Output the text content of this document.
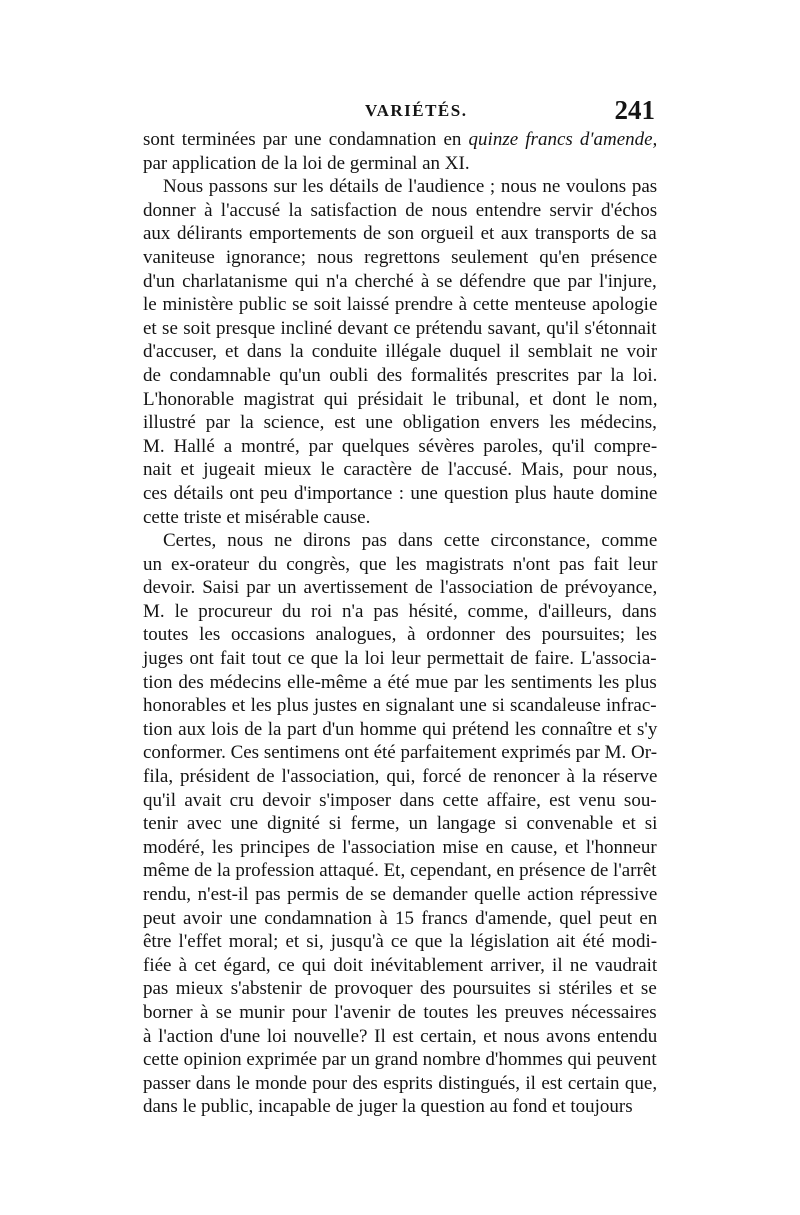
VARIÉTÉS.	241
sont terminées par une condamnation en quinze francs d'amende,
par application de la loi de germinal an XI.
Nous passons sur les détails de l'audience ; nous ne voulons pas
donner à l'accusé la satisfaction de nous entendre servir d'échos
aux délirants emportements de son orgueil et aux transports de sa
vaniteuse ignorance; nous regrettons seulement qu'en présence
d'un charlatanisme qui n'a cherché à se défendre que par l'injure,
le ministère public se soit laissé prendre à cette menteuse apologie
et se soit presque incliné devant ce prétendu savant, qu'il s'étonnait
d'accuser, et dans la conduite illégale duquel il semblait ne voir
de condamnable qu'un oubli des formalités prescrites par la loi.
L'honorable magistrat qui présidait le tribunal, et dont le nom,
illustré par la science, est une obligation envers les médecins,
M. Hallé a montré, par quelques sévères paroles, qu'il compre-
nait et jugeait mieux le caractère de l'accusé. Mais, pour nous,
ces détails ont peu d'importance : une question plus haute domine
cette triste et misérable cause.
Certes, nous ne dirons pas dans cette circonstance, comme
un ex-orateur du congrès, que les magistrats n'ont pas fait leur
devoir. Saisi par un avertissement de l'association de prévoyance,
M. le procureur du roi n'a pas hésité, comme, d'ailleurs, dans
toutes les occasions analogues, à ordonner des poursuites; les
juges ont fait tout ce que la loi leur permettait de faire. L'associa-
tion des médecins elle-même a été mue par les sentiments les plus
honorables et les plus justes en signalant une si scandaleuse infrac-
tion aux lois de la part d'un homme qui prétend les connaître et s'y
conformer. Ces sentimens ont été parfaitement exprimés par M. Or-
fila, président de l'association, qui, forcé de renoncer à la réserve
qu'il avait cru devoir s'imposer dans cette affaire, est venu sou-
tenir avec une dignité si ferme, un langage si convenable et si
modéré, les principes de l'association mise en cause, et l'honneur
même de la profession attaqué. Et, cependant, en présence de l'arrêt
rendu, n'est-il pas permis de se demander quelle action répressive
peut avoir une condamnation à 15 francs d'amende, quel peut en
être l'effet moral; et si, jusqu'à ce que la législation ait été modi-
fiée à cet égard, ce qui doit inévitablement arriver, il ne vaudrait
pas mieux s'abstenir de provoquer des poursuites si stériles et se
borner à se munir pour l'avenir de toutes les preuves nécessaires
à l'action d'une loi nouvelle? Il est certain, et nous avons entendu
cette opinion exprimée par un grand nombre d'hommes qui peuvent
passer dans le monde pour des esprits distingués, il est certain que,
dans le public, incapable de juger la question au fond et toujours
